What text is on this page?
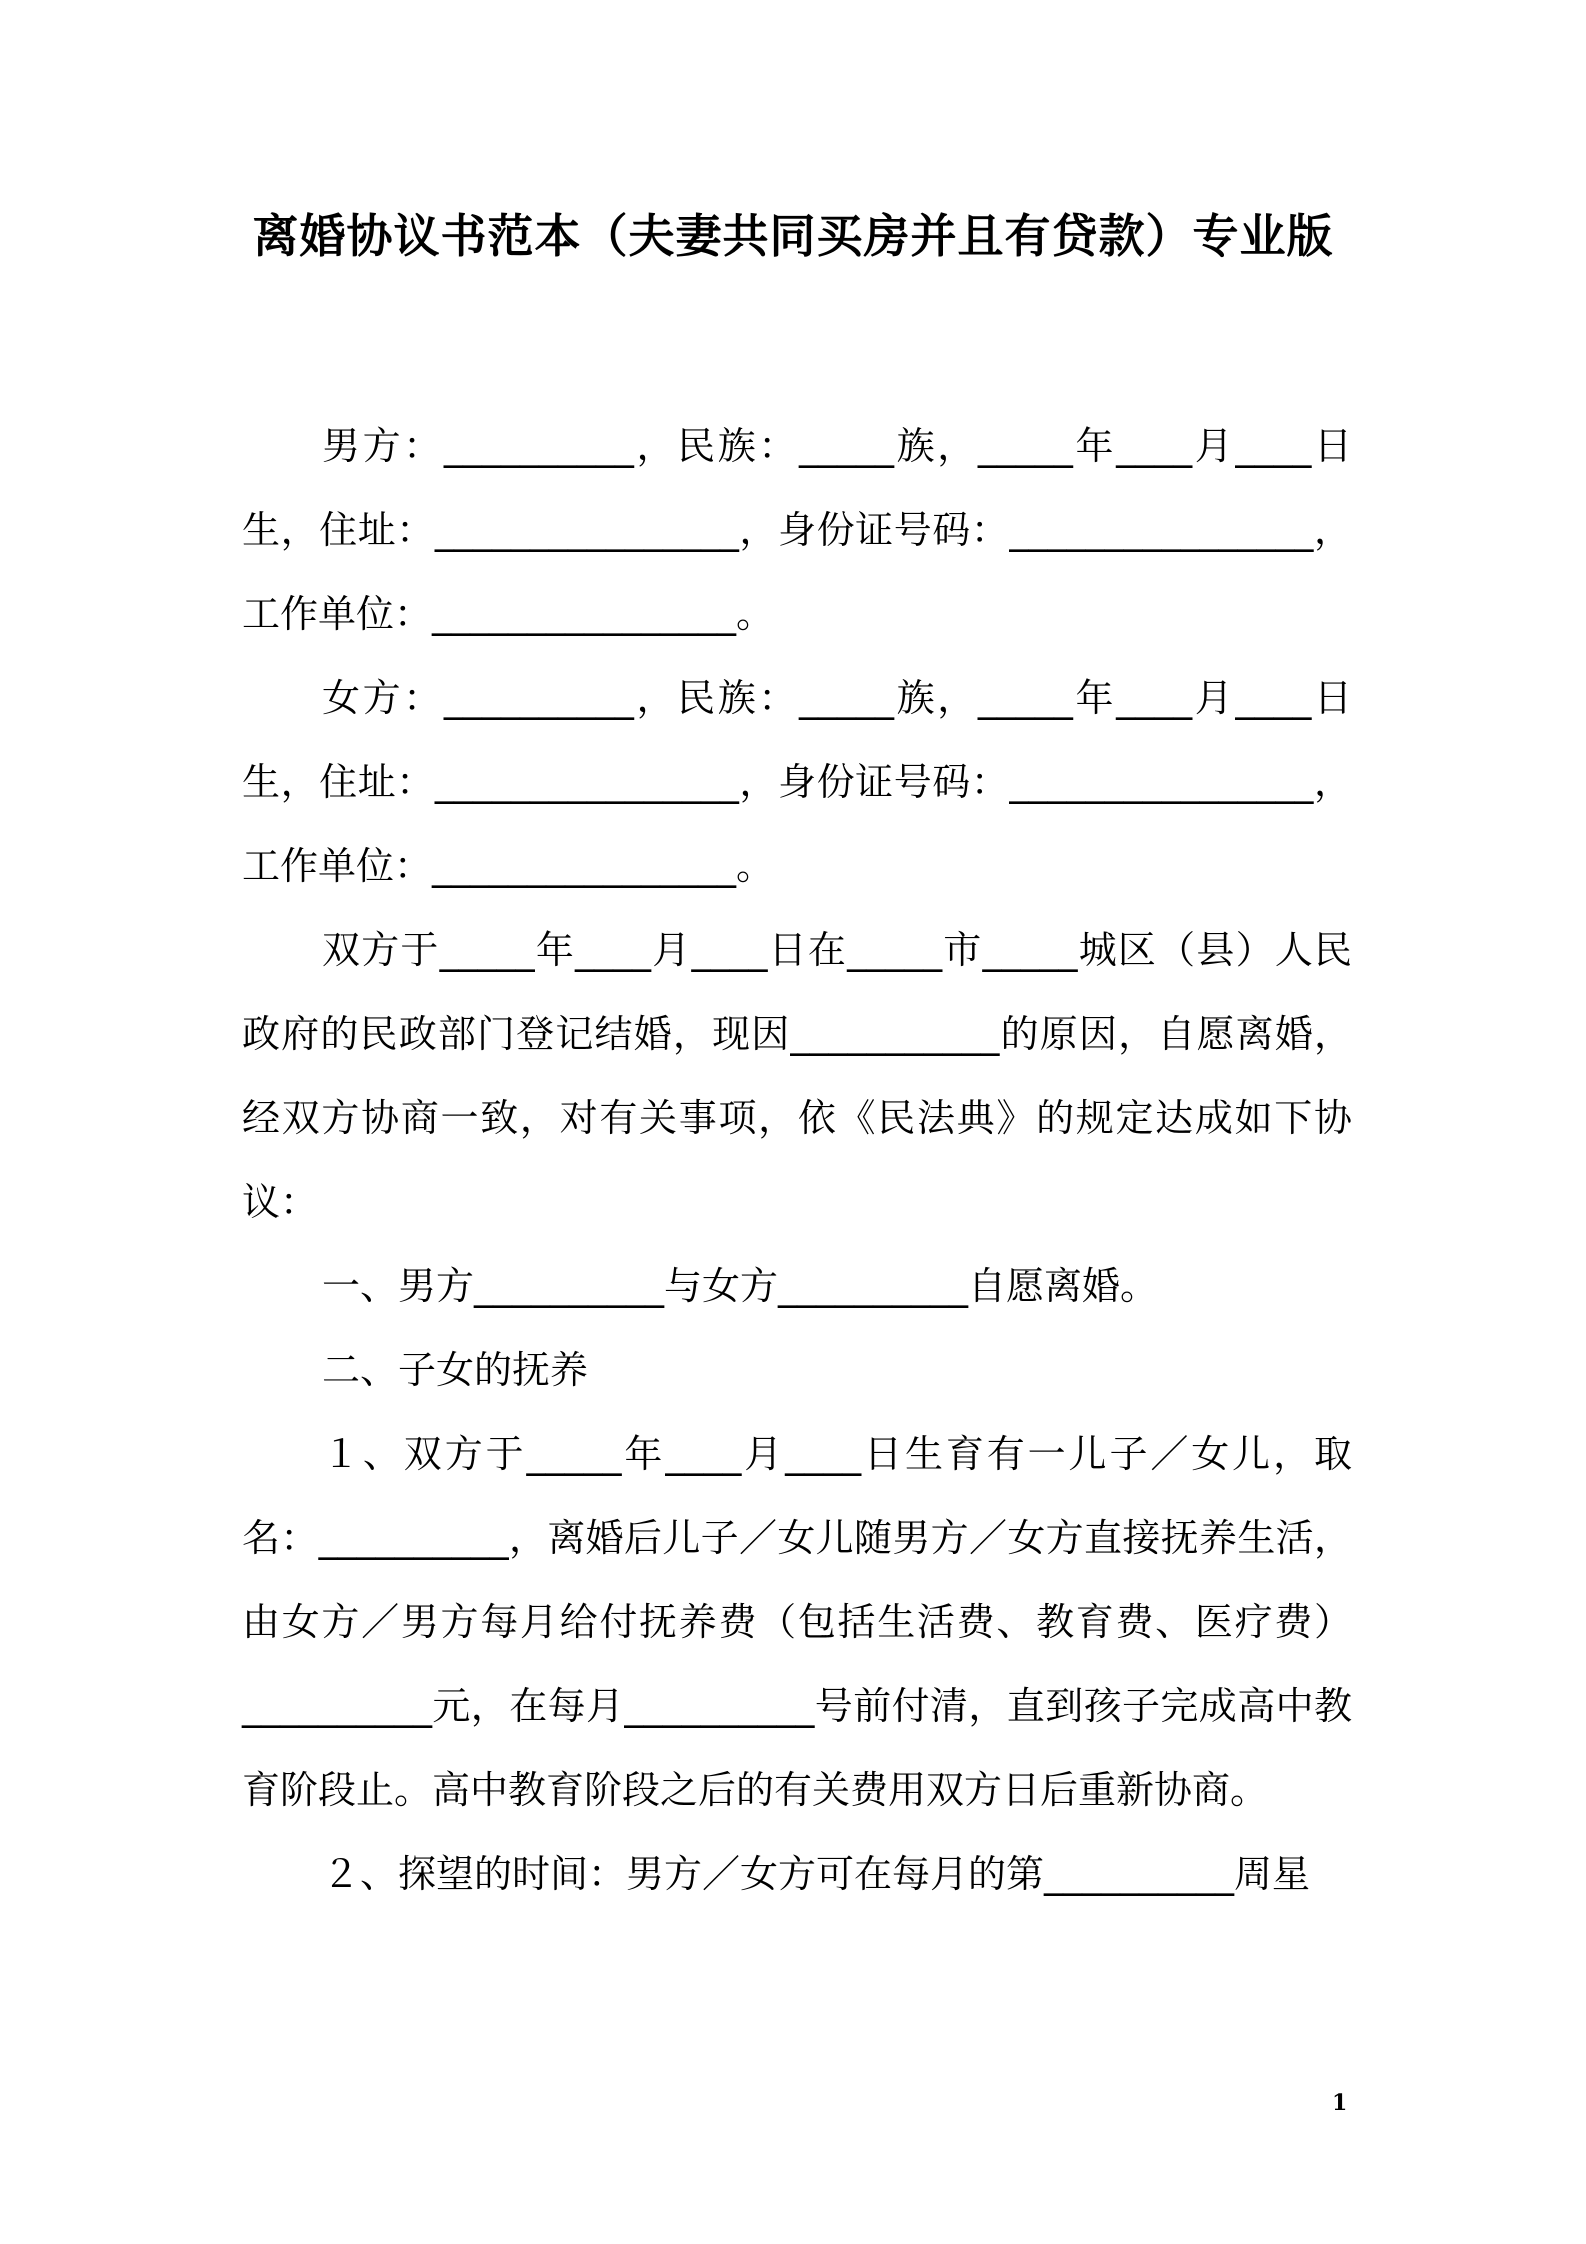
离婚协议书范本（夫妻共同买房并且有贷款）专业版

男方：__________，民族：_____族，_____年____月____日生，住址：________________，身份证号码：________________，工作单位：________________。

女方：__________，民族：_____族，_____年____月____日生，住址：________________，身份证号码：________________，工作单位：________________。

双方于_____年____月____日在_____市_____城区（县）人民政府的民政部门登记结婚，现因___________的原因，自愿离婚，经双方协商一致，对有关事项，依《民法典》的规定达成如下协议：

一、男方__________与女方__________自愿离婚。

二、子女的抚养

１、双方于_____年____月____日生育有一儿子／女儿，取名：__________，离婚后儿子／女儿随男方／女方直接抚养生活，由女方／男方每月给付抚养费（包括生活费、教育费、医疗费）__________元，在每月__________号前付清，直到孩子完成高中教育阶段止。高中教育阶段之后的有关费用双方日后重新协商。

２、探望的时间：男方／女方可在每月的第__________周星

1
